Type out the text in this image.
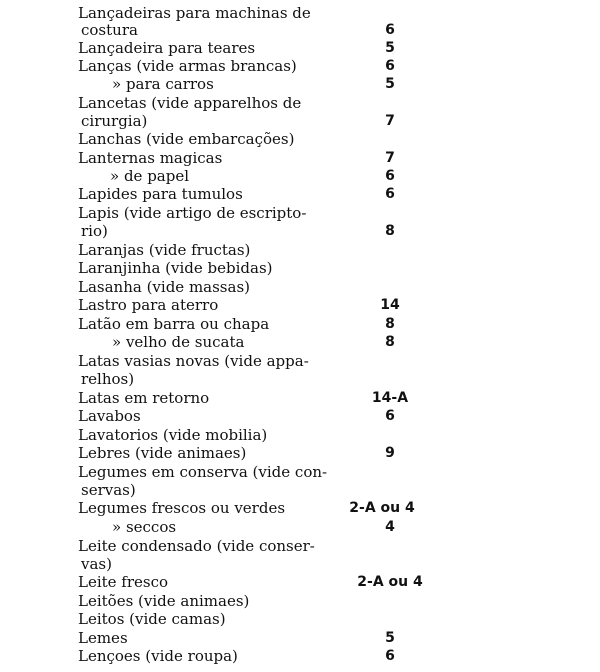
Lançadeiras para machinas de
costura	6
Lançadeira para teares	5
Lanças (vide armas brancas)	6
» para carros	5
Lancetas (vide apparelhos de
cirurgia)	7
Lanchas (vide embarcações)
Lanternas magicas	7
» de papel	6
Lapides para tumulos	6
Lapis (vide artigo de escripto-
rio)	8
Laranjas (vide fructas)
Laranjinha (vide bebidas)
Lasanha (vide massas)
Lastro para aterro	14
Latão em barra ou chapa	8
» velho de sucata	8
Latas vasias novas (vide appa-
relhos)
Latas em retorno	14-A
Lavabos	6
Lavatorios (vide mobilia)
Lebres (vide animaes)	9
Legumes em conserva (vide con-
servas)
Legumes frescos ou verdes	2-A ou 4
» seccos	4
Leite condensado (vide conser-
vas)
Leite fresco	2-A ou 4
Leitões (vide animaes)
Leitos (vide camas)
Lemes	5
Lençoes (vide roupa)	6
